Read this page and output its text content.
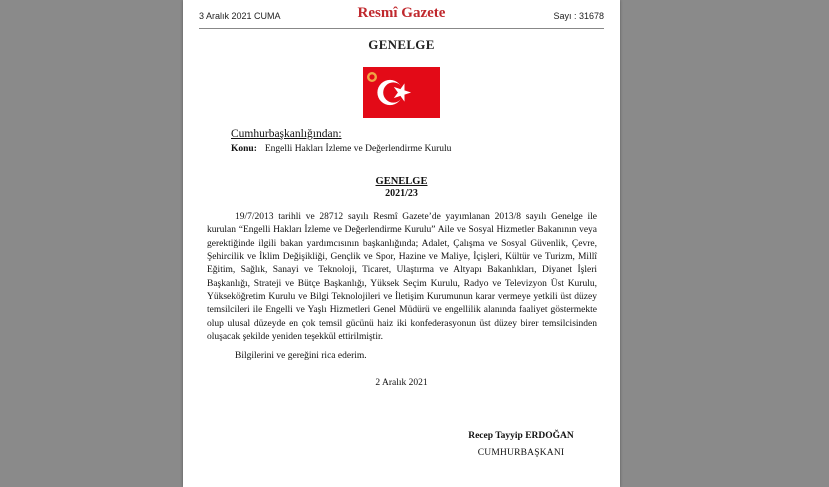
3 Aralık 2021 CUMA	Resmî Gazete	Sayı : 31678
GENELGE
Cumhurbaşkanlığından:
Konu: Engelli Hakları İzleme ve Değerlendirme Kurulu
GENELGE
2021/23

19/7/2013 tarihli ve 28712 sayılı Resmî Gazete’de yayımlanan 2013/8 sayılı Genelge ile kurulan “Engelli Hakları İzleme ve Değerlendirme Kurulu” Aile ve Sosyal Hizmetler Bakanının veya gerektiğinde ilgili bakan yardımcısının başkanlığında; Adalet, Çalışma ve Sosyal Güvenlik, Çevre, Şehircilik ve İklim Değişikliği, Gençlik ve Spor, Hazine ve Maliye, İçişleri, Kültür ve Turizm, Millî Eğitim, Sağlık, Sanayi ve Teknoloji, Ticaret, Ulaştırma ve Altyapı Bakanlıkları, Diyanet İşleri Başkanlığı, Strateji ve Bütçe Başkanlığı, Yüksek Seçim Kurulu, Radyo ve Televizyon Üst Kurulu, Yükseköğretim Kurulu ve Bilgi Teknolojileri ve İletişim Kurumunun karar vermeye yetkili üst düzey temsilcileri ile Engelli ve Yaşlı Hizmetleri Genel Müdürü ve engellilik alanında faaliyet göstermekte olup ulusal düzeyde en çok temsil gücünü haiz iki konfederasyonun üst düzey birer temsilcisinden oluşacak şekilde yeniden teşekkül ettirilmiştir.

Bilgilerini ve gereğini rica ederim.
2 Aralık 2021
Recep Tayyip ERDOĞAN
CUMHURBAŞKANI
